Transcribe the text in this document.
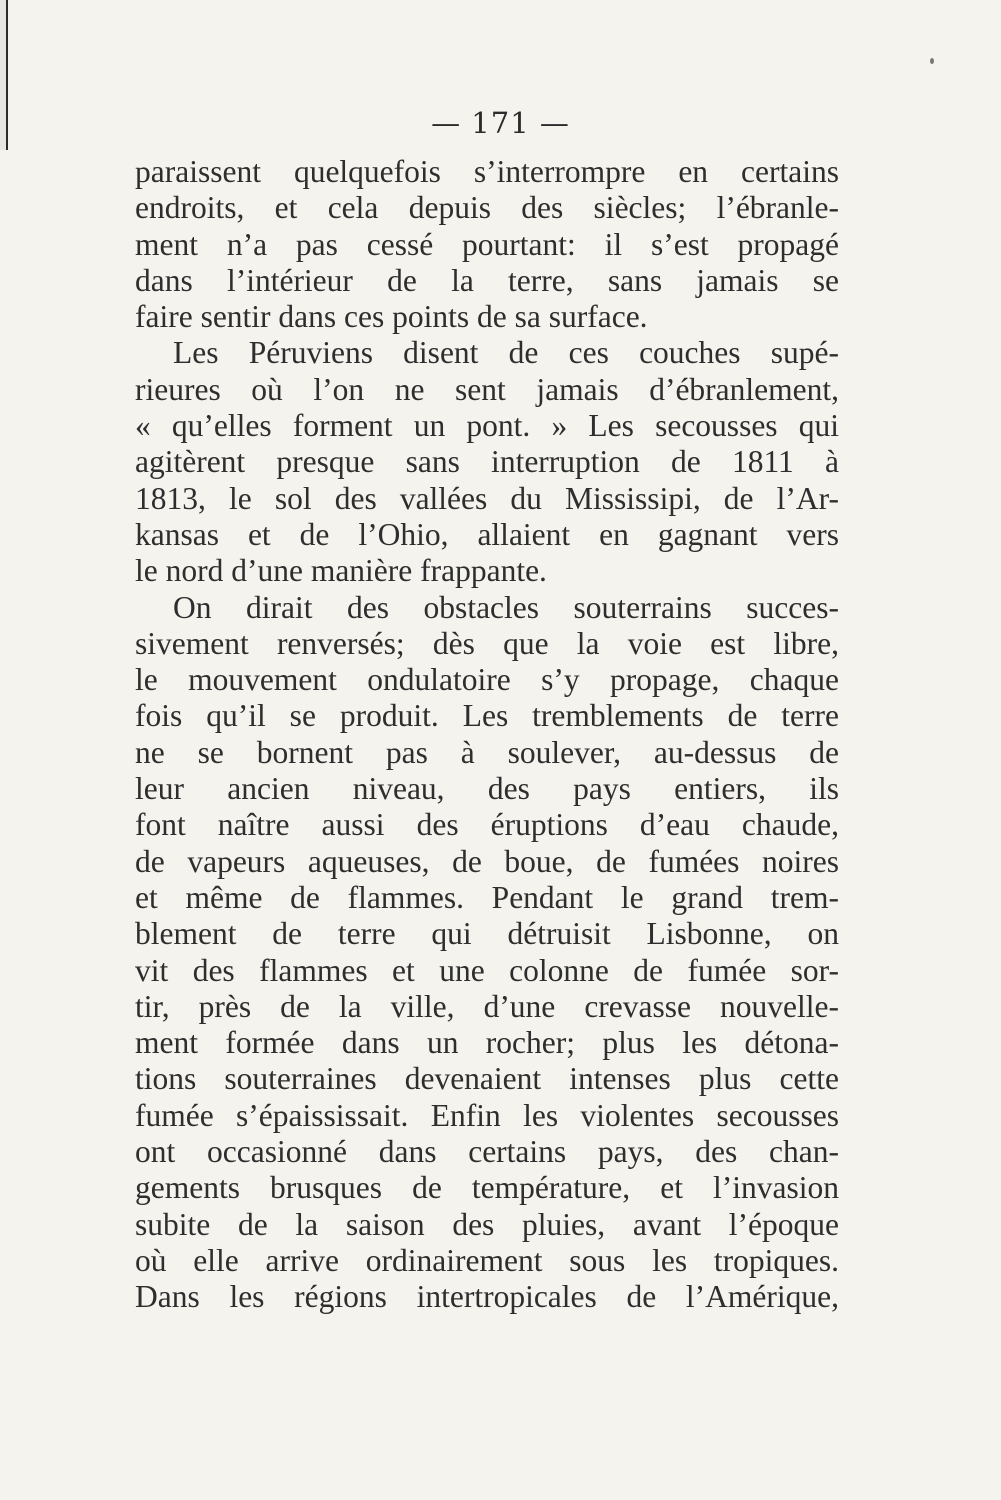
— 171 —
paraissent quelquefois s’interrompre en certains
endroits, et cela depuis des siècles; l’ébranle-
ment n’a pas cessé pourtant: il s’est propagé
dans l’intérieur de la terre, sans jamais se
faire sentir dans ces points de sa surface.
Les Péruviens disent de ces couches supé-
rieures où l’on ne sent jamais d’ébranlement,
« qu’elles forment un pont. » Les secousses qui
agitèrent presque sans interruption de 1811 à
1813, le sol des vallées du Mississipi, de l’Ar-
kansas et de l’Ohio, allaient en gagnant vers
le nord d’une manière frappante.
On dirait des obstacles souterrains succes-
sivement renversés; dès que la voie est libre,
le mouvement ondulatoire s’y propage, chaque
fois qu’il se produit. Les tremblements de terre
ne se bornent pas à soulever, au-dessus de
leur ancien niveau, des pays entiers, ils
font naître aussi des éruptions d’eau chaude,
de vapeurs aqueuses, de boue, de fumées noires
et même de flammes. Pendant le grand trem-
blement de terre qui détruisit Lisbonne, on
vit des flammes et une colonne de fumée sor-
tir, près de la ville, d’une crevasse nouvelle-
ment formée dans un rocher; plus les détona-
tions souterraines devenaient intenses plus cette
fumée s’épaississait. Enfin les violentes secousses
ont occasionné dans certains pays, des chan-
gements brusques de température, et l’invasion
subite de la saison des pluies, avant l’époque
où elle arrive ordinairement sous les tropiques.
Dans les régions intertropicales de l’Amérique,
